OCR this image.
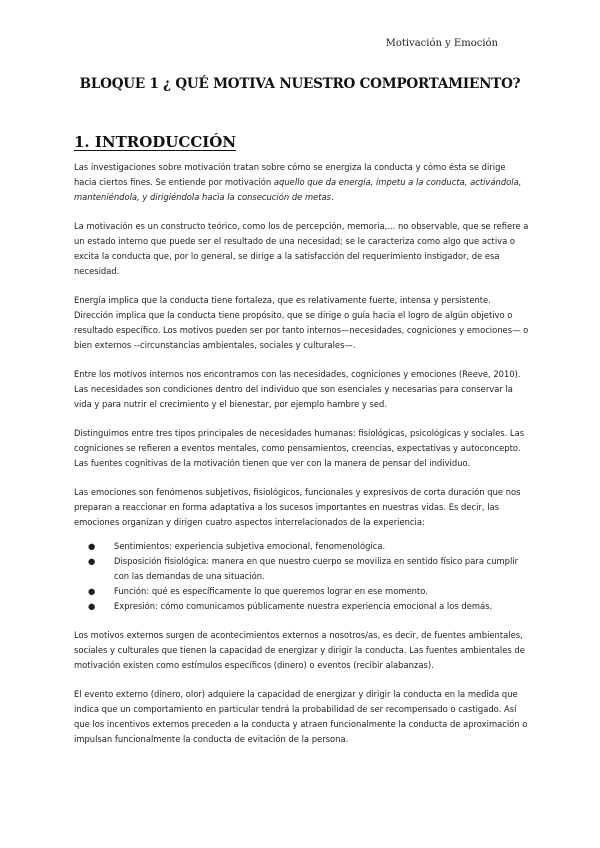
Motivación y Emoción
BLOQUE 1 ¿ QUÉ MOTIVA NUESTRO COMPORTAMIENTO?
1. INTRODUCCIÓN

Las investigaciones sobre motivación tratan sobre cómo se energiza la conducta y cómo ésta se dirige hacia ciertos fines. Se entiende por motivación aquello que da energía, ímpetu a la conducta, activándola, manteniéndola, y dirigiéndola hacia la consecución de metas.

La motivación es un constructo teórico, como los de percepción, memoria,... no observable, que se refiere a un estado interno que puede ser el resultado de una necesidad; se le caracteriza como algo que activa o excita la conducta que, por lo general, se dirige a la satisfacción del requerimiento instigador, de esa necesidad.

Energía implica que la conducta tiene fortaleza, que es relativamente fuerte, intensa y persistente. Dirección implica que la conducta tiene propósito, que se dirige o guía hacia el logro de algún objetivo o resultado específico. Los motivos pueden ser por tanto internos—necesidades, cogniciones y emociones— o bien externos --circunstancias ambientales, sociales y culturales—.

Entre los motivos internos nos encontramos con las necesidades, cogniciones y emociones (Reeve, 2010). Las necesidades son condiciones dentro del individuo que son esenciales y necesarias para conservar la vida y para nutrir el crecimiento y el bienestar, por ejemplo hambre y sed.

Distinguimos entre tres tipos principales de necesidades humanas: fisiológicas, psicológicas y sociales. Las cogniciones se refieren a eventos mentales, como pensamientos, creencias, expectativas y autoconcepto. Las fuentes cognitivas de la motivación tienen que ver con la manera de pensar del individuo.

Las emociones son fenómenos subjetivos, fisiológicos, funcionales y expresivos de corta duración que nos preparan a reaccionar en forma adaptativa a los sucesos importantes en nuestras vidas. Es decir, las emociones organizan y dirigen cuatro aspectos interrelacionados de la experiencia:

● Sentimientos: experiencia subjetiva emocional, fenomenológica.
● Disposición fisiológica: manera en que nuestro cuerpo se moviliza en sentido físico para cumplir con las demandas de una situación.
● Función: qué es específicamente lo que queremos lograr en ese momento.
● Expresión: cómo comunicamos públicamente nuestra experiencia emocional a los demás.

Los motivos externos surgen de acontecimientos externos a nosotros/as, es decir, de fuentes ambientales, sociales y culturales que tienen la capacidad de energizar y dirigir la conducta. Las fuentes ambientales de motivación existen como estímulos específicos (dinero) o eventos (recibir alabanzas).

El evento externo (dinero, olor) adquiere la capacidad de energizar y dirigir la conducta en la medida que indica que un comportamiento en particular tendrá la probabilidad de ser recompensado o castigado. Así que los incentivos externos preceden a la conducta y atraen funcionalmente la conducta de aproximación o impulsan funcionalmente la conducta de evitación de la persona.
